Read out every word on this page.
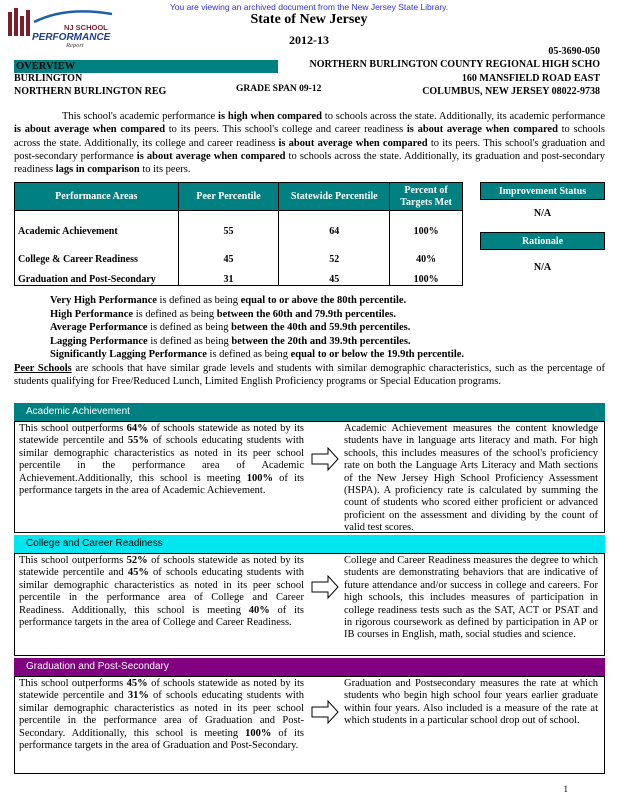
You are viewing an archived document from the New Jersey State Library.
NJ SCHOOL
PERFORMANCE
Report
State of New Jersey
2012-13
05-3690-050
OVERVIEW
BURLINGTON
NORTHERN BURLINGTON REG	GRADE SPAN 09-12
NORTHERN BURLINGTON COUNTY REGIONAL HIGH SCHO
160 MANSFIELD ROAD EAST
COLUMBUS, NEW JERSEY 08022-9738

This school's academic performance is high when compared to schools across the state. Additionally, its academic performance is about average when compared to its peers. This school's college and career readiness is about average when compared to schools across the state. Additionally, its college and career readiness is about average when compared to its peers. This school's graduation and post-secondary performance is about average when compared to schools across the state. Additionally, its graduation and post-secondary readiness lags in comparison to its peers.

Performance Areas	Peer Percentile	Statewide Percentile	Percent of Targets Met
Academic Achievement	55	64	100%
College & Career Readiness	45	52	40%
Graduation and Post-Secondary	31	45	100%
Improvement Status
N/A
Rationale
N/A
Very High Performance is defined as being equal to or above the 80th percentile.
High Performance is defined as being between the 60th and 79.9th percentiles.
Average Performance is defined as being between the 40th and 59.9th percentiles.
Lagging Performance is defined as being between the 20th and 39.9th percentiles.
Significantly Lagging Performance is defined as being equal to or below the 19.9th percentile.

Peer Schools are schools that have similar grade levels and students with similar demographic characteristics, such as the percentage of students qualifying for Free/Reduced Lunch, Limited English Proficiency programs or Special Education programs.

Academic Achievement

This school outperforms 64% of schools statewide as noted by its statewide percentile and 55% of schools educating students with similar demographic characteristics as noted in its peer school percentile in the performance area of Academic Achievement.Additionally, this school is meeting 100% of its performance targets in the area of Academic Achievement.

Academic Achievement measures the content knowledge students have in language arts literacy and math. For high schools, this includes measures of the school's proficiency rate on both the Language Arts Literacy and Math sections of the New Jersey High School Proficiency Assessment (HSPA). A proficiency rate is calculated by summing the count of students who scored either proficient or advanced proficient on the assessment and dividing by the count of valid test scores.

College and Career Readiness

This school outperforms 52% of schools statewide as noted by its statewide percentile and 45% of schools educating students with similar demographic characteristics as noted in its peer school percentile in the performance area of College and Career Readiness. Additionally, this school is meeting 40% of its performance targets in the area of College and Career Readiness.

College and Career Readiness measures the degree to which students are demonstrating behaviors that are indicative of future attendance and/or success in college and careers. For high schools, this includes measures of participation in college readiness tests such as the SAT, ACT or PSAT and in rigorous coursework as defined by participation in AP or IB courses in English, math, social studies and science.

Graduation and Post-Secondary

This school outperforms 45% of schools statewide as noted by its statewide percentile and 31% of schools educating students with similar demographic characteristics as noted in its peer school percentile in the performance area of Graduation and Post-Secondary. Additionally, this school is meeting 100% of its performance targets in the area of Graduation and Post-Secondary.

Graduation and Postsecondary measures the rate at which students who begin high school four years earlier graduate within four years. Also included is a measure of the rate at which students in a particular school drop out of school.

1
